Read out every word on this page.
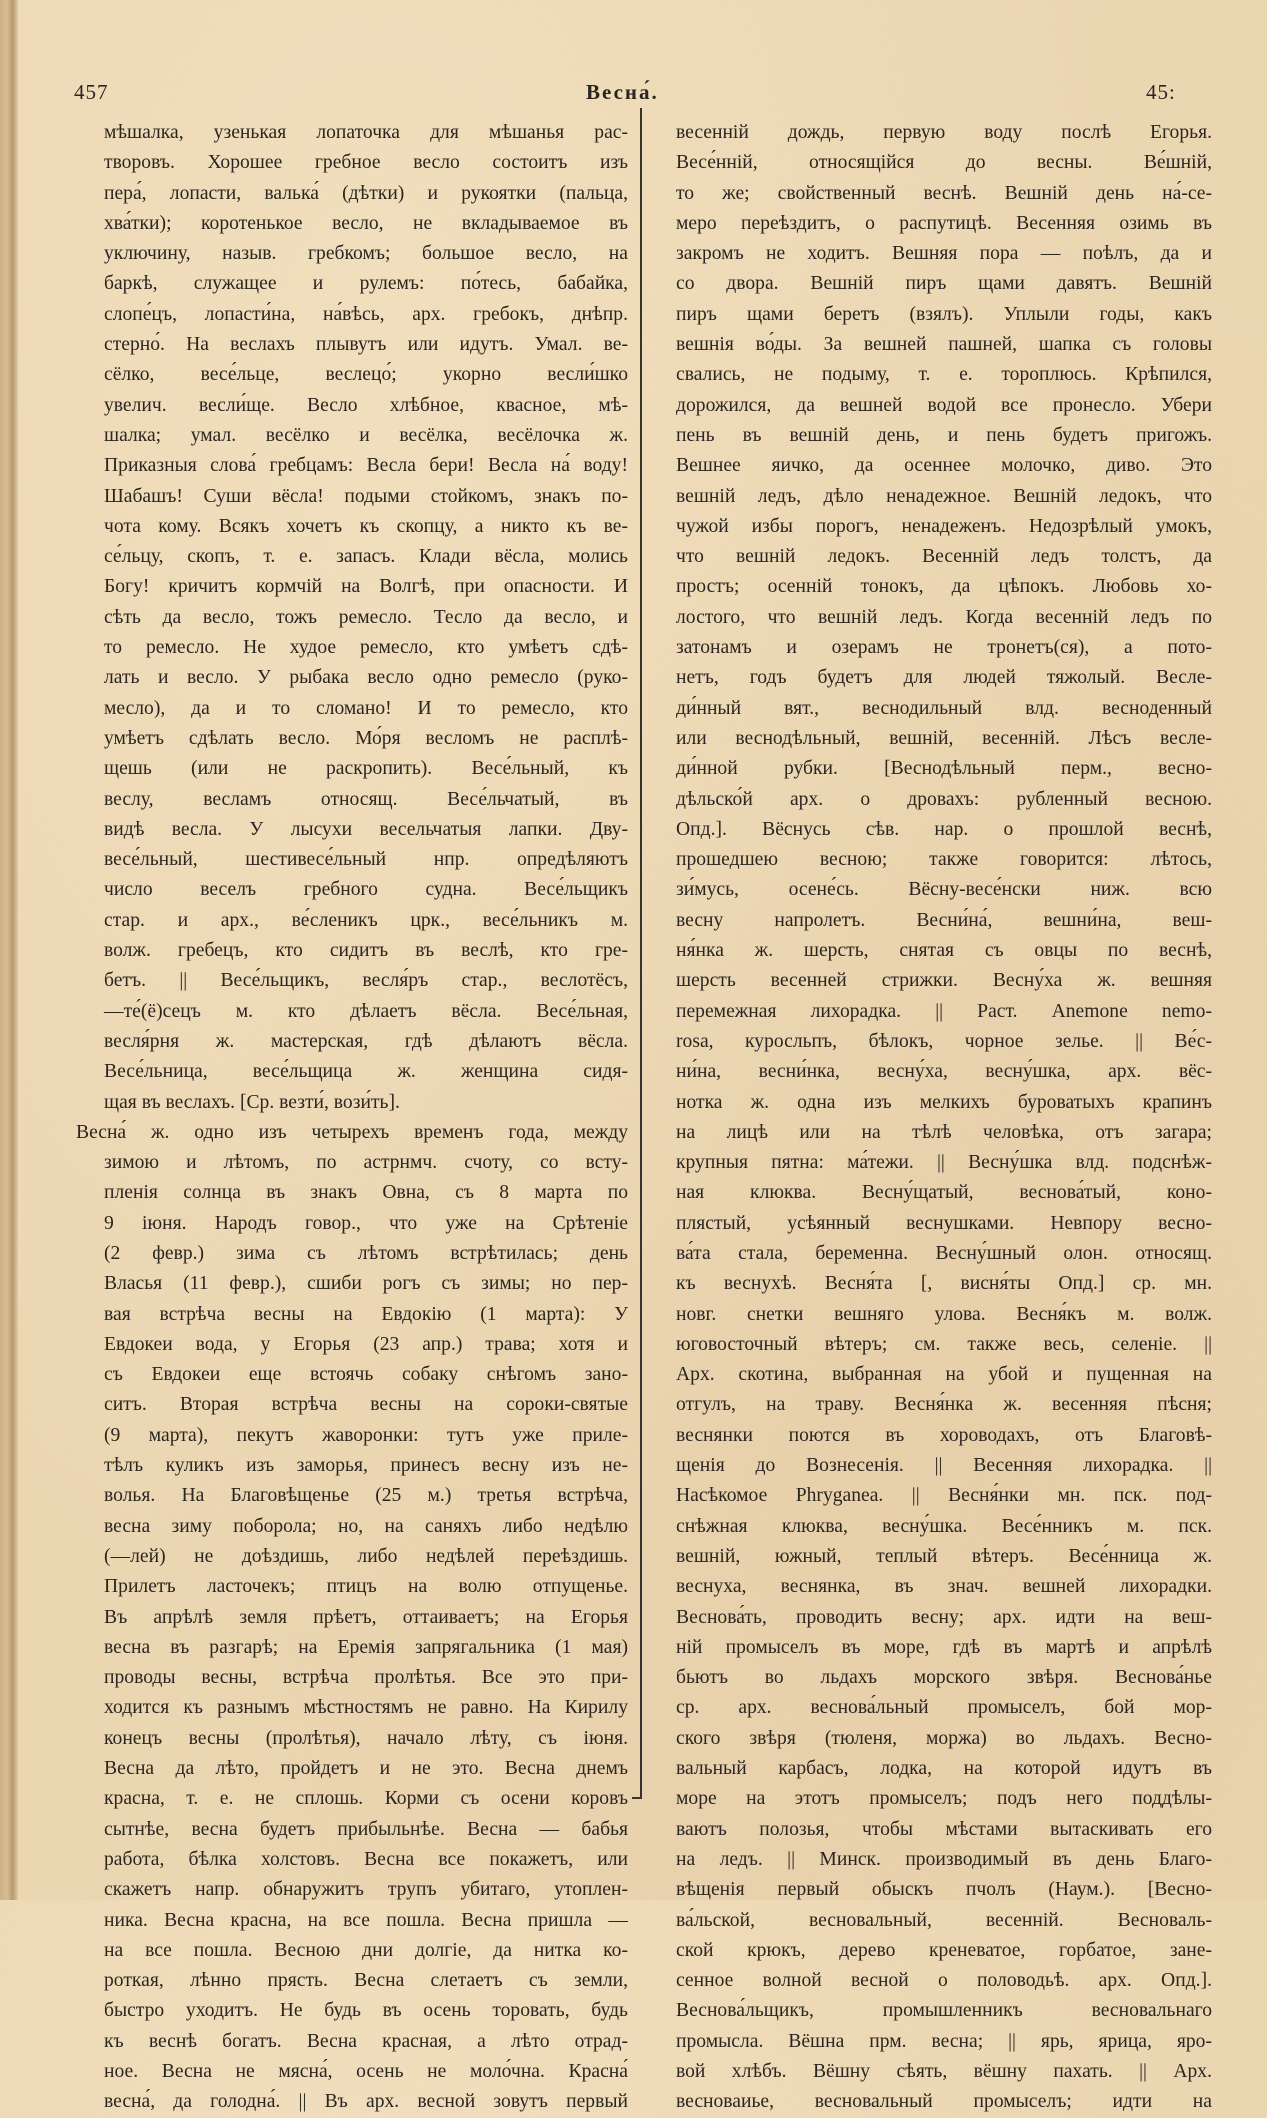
457	Весна́.	45:
мѣшалка, узенькая лопаточка для мѣшанья рас-
творовъ. Хорошее гребное весло состоитъ изъ
пера́, лопасти, валька́ (дѣтки) и рукоятки (пальца,
хва́тки); коротенькое весло, не вкладываемое въ
уключину, назыв. гребкомъ; большое весло, на
баркѣ, служащее и рулемъ: по́тесь, бабайка,
слопе́цъ, лопасти́на, на́вѣсь, арх. гребокъ, днѣпр.
стерно́. На веслахъ плывутъ или идутъ. Умал. ве-
сёлко, весе́льце, веслецо́; укорно весли́шко
увелич. весли́ще. Весло хлѣбное, квасное, мѣ-
шалка; умал. весёлко и весёлка, весёлочка ж.
Приказныя слова́ гребцамъ: Весла бери! Весла на́ воду!
Шабашъ! Суши вёсла! подыми стойкомъ, знакъ по-
чота кому. Всякъ хочетъ къ скопцу, а никто къ ве-
се́льцу, скопъ, т. е. запасъ. Клади вёсла, молись
Богу! кричитъ кормчій на Волгѣ, при опасности. И
сѣть да весло, тожъ ремесло. Тесло да весло, и
то ремесло. Не худое ремесло, кто умѣетъ сдѣ-
лать и весло. У рыбака весло одно ремесло (руко-
месло), да и то сломано! И то ремесло, кто
умѣетъ сдѣлать весло. Мо́ря весломъ не расплѣ-
щешь (или не раскропить). Весе́льный, къ
веслу, весламъ относящ. Весе́льчатый, въ
видѣ весла. У лысухи весельчатыя лапки. Дву-
весе́льный, шестивесе́льный нпр. опредѣляютъ
число веселъ гребного судна. Весе́льщикъ
стар. и арх., ве́сленикъ црк., весе́льникъ м.
волж. гребецъ, кто сидитъ въ веслѣ, кто гре-
бетъ. || Весе́льщикъ, весля́ръ стар., веслотёсъ,
—те́(ё)сецъ м. кто дѣлаетъ вёсла. Весе́льная,
весля́рня ж. мастерская, гдѣ дѣлаютъ вёсла.
Весе́льница, весе́льщица ж. женщина сидя-
щая въ веслахъ. [Ср. везти́, вози́ть].
Весна́ ж. одно изъ четырехъ временъ года, между
зимою и лѣтомъ, по астрнмч. счоту, со всту-
пленія солнца въ знакъ Овна, съ 8 марта по
9 іюня. Народъ говор., что уже на Срѣтеніе
(2 февр.) зима съ лѣтомъ встрѣтилась; день
Власья (11 февр.), сшиби рогъ съ зимы; но пер-
вая встрѣча весны на Евдокію (1 марта): У
Евдокеи вода, у Егорья (23 апр.) трава; хотя и
съ Евдокеи еще встоячь собаку снѣгомъ зано-
ситъ. Вторая встрѣча весны на сороки-святые
(9 марта), пекутъ жаворонки: тутъ уже приле-
тѣлъ куликъ изъ заморья, принесъ весну изъ не-
волья. На Благовѣщенье (25 м.) третья встрѣча,
весна зиму поборола; но, на саняхъ либо недѣлю
(—лей) не доѣздишь, либо недѣлей переѣздишь.
Прилетъ ласточекъ; птицъ на волю отпущенье.
Въ апрѣлѣ земля прѣетъ, оттаиваетъ; на Егорья
весна въ разгарѣ; на Еремія запрягальника (1 мая)
проводы весны, встрѣча пролѣтья. Все это при-
ходится къ разнымъ мѣстностямъ не равно. На Кирилу
конецъ весны (пролѣтья), начало лѣту, съ іюня.
Весна да лѣто, пройдетъ и не это. Весна днемъ
красна, т. е. не сплошь. Корми съ осени коровъ
сытнѣе, весна будетъ прибыльнѣе. Весна — бабья
работа, бѣлка холстовъ. Весна все покажетъ, или
скажетъ напр. обнаружитъ трупъ убитаго, утоплен-
ника. Весна красна, на все пошла. Весна пришла —
на все пошла. Весною дни долгіе, да нитка ко-
роткая, лѣнно прясть. Весна слетаетъ съ земли,
быстро уходитъ. Не будь въ осень торовать, будь
къ веснѣ богатъ. Весна красная, а лѣто отрад-
ное. Весна не мясна́, осень не моло́чна. Красна́
весна́, да голодна́. || Въ арх. весной зовутъ первый
весенній дождь, первую воду послѣ Егорья.
Весе́нній, относящійся до весны. Ве́шній,
то же; свойственный веснѣ. Вешній день на́-се-
меро переѣздитъ, о распутицѣ. Весенняя озимь въ
закромъ не ходитъ. Вешняя пора — поѣлъ, да и
со двора. Вешній пиръ щами давятъ. Вешній
пиръ щами беретъ (взялъ). Уплыли годы, какъ
вешнія во́ды. За вешней пашней, шапка съ головы
свались, не подыму, т. е. тороплюсь. Крѣпился,
дорожился, да вешней водой все пронесло. Убери
пень въ вешній день, и пень будетъ пригожъ.
Вешнее яичко, да осеннее молочко, диво. Это
вешній ледъ, дѣло ненадежное. Вешній ледокъ, что
чужой избы порогъ, ненадеженъ. Недозрѣлый умокъ,
что вешній ледокъ. Весенній ледъ толстъ, да
простъ; осенній тонокъ, да цѣпокъ. Любовь хо-
лостого, что вешній ледъ. Когда весенній ледъ по
затонамъ и озерамъ не тронетъ(ся), а пото-
нетъ, годъ будетъ для людей тяжолый. Весле-
ди́нный вят., веснодильный влд. весноденный
или веснодѣльный, вешній, весенній. Лѣсъ весле-
ди́нной рубки. [Веснодѣльный перм., весно-
дѣльско́й арх. о дровахъ: рубленный весною.
Опд.]. Вёснусь сѣв. нар. о прошлой веснѣ,
прошедшею весною; также говорится: лѣтось,
зи́мусь, осене́сь. Вёсну-весе́нски ниж. всю
весну напролетъ. Весни́на́, вешни́на, веш-
ня́нка ж. шерсть, снятая съ овцы по веснѣ,
шерсть весенней стрижки. Весну́ха ж. вешняя
перемежная лихорадка. || Раст. Anemone nemo-
rosa, куросльпъ, бѣлокъ, чорное зелье. || Ве́с-
ни́на, весни́нка, весну́ха, весну́шка, арх. вёс-
нотка ж. одна изъ мелкихъ буроватыхъ крапинъ
на лицѣ или на тѣлѣ человѣка, отъ загара;
крупныя пятна: ма́тежи. || Весну́шка влд. подснѣж-
ная клюква. Весну́щатый, веснова́тый, коно-
плястый, усѣянный веснушками. Невпору весно-
ва́та стала, беременна. Весну́шный олон. относящ.
къ веснухѣ. Весня́та [, висня́ты Опд.] ср. мн.
новг. снетки вешняго улова. Весня́къ м. волж.
юговосточный вѣтеръ; см. также весь, селеніе. ||
Арх. скотина, выбранная на убой и пущенная на
отгулъ, на траву. Весня́нка ж. весенняя пѣсня;
веснянки поются въ хороводахъ, отъ Благовѣ-
щенія до Вознесенія. || Весенняя лихорадка. ||
Насѣкомое Phryganea. || Весня́нки мн. пск. под-
снѣжная клюква, весну́шка. Весе́нникъ м. пск.
вешній, южный, теплый вѣтеръ. Весе́нница ж.
веснуха, веснянка, въ знач. вешней лихорадки.
Веснова́ть, проводить весну; арх. идти на веш-
ній промыселъ въ море, гдѣ въ мартѣ и апрѣлѣ
бьютъ во льдахъ морского звѣря. Веснова́нье
ср. арх. веснова́льный промыселъ, бой мор-
ского звѣря (тюленя, моржа) во льдахъ. Весно-
вальный карбасъ, лодка, на которой идутъ въ
море на этотъ промыселъ; подъ него поддѣлы-
ваютъ полозья, чтобы мѣстами вытаскивать его
на ледъ. || Минск. производимый въ день Благо-
вѣщенія первый обыскъ пчолъ (Наум.). [Весно-
ва́льской, весновальный, весенній. Весноваль-
ской крюкъ, дерево креневатое, горбатое, зане-
сенное волной весной о половодьѣ. арх. Опд.].
Веснова́льщикъ, промышленникъ весновальнаго
промысла. Вёшна прм. весна; || ярь, ярица, яро-
вой хлѣбъ. Вёшну сѣять, вёшну пахать. || Арх.
весноваиье, весновальный промыселъ; идти на
